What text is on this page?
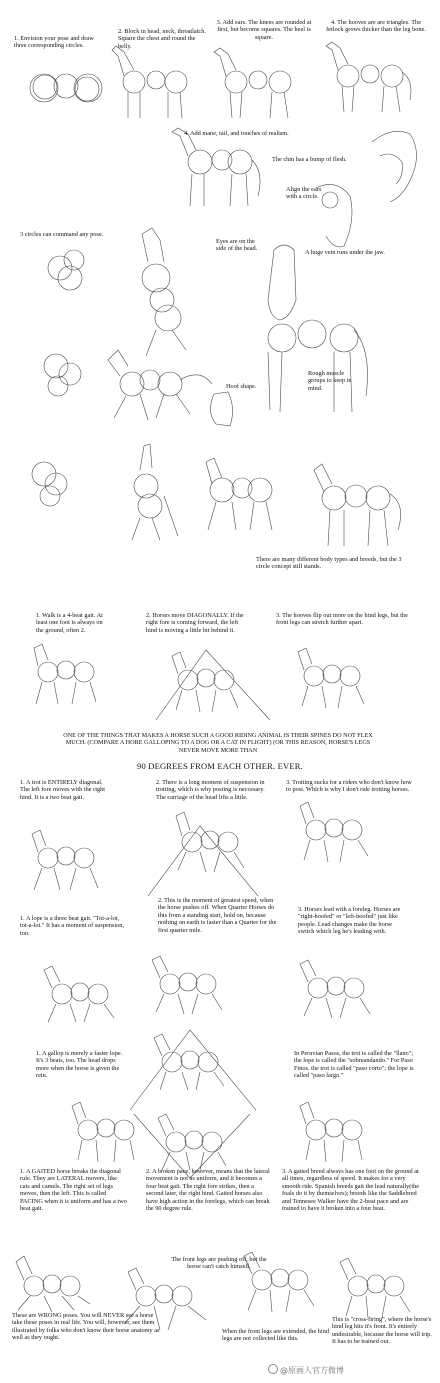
1. Envision your pose and draw three corresponding circles.
2. Block in head, neck, throatlatch. Square the chest and round the belly.
3. Add ears. The knees are rounded at first, but become squares. The heel is square.
4. The hooves are are triangles. The fetlock grows thicker than the leg bone.
4. Add mane, tail, and touches of realism.
The chin has a bump of flesh.
Align the ears with a circle.
3 circles can command any pose.
Eyes are on the side of the head.
A huge vein runs under the jaw.
Hoof shape.
Rough muscle groups to keep in mind.
There are many different body types and breeds, but the 3 circle concept still stands.
1. Walk is a 4-beat gait. At least one foot is always on the ground, often 2.
2. Horses move DIAGONALLY. If the right fore is coming forward, the left hind is moving a little bit behind it.
3. The hooves flip out more on the hind legs, but the front legs can stretch further apart.
ONE OF THE THINGS THAT MAKES A HORSE SUCH A GOOD RIDING ANIMAL IS THEIR SPINES DO NOT FLEX MUCH. (COMPARE A HORE GALLOPING TO A DOG OR A CAT IN FLIGHT) (OR THIS REASON, HORSE'S LEGS NEVER MOVE MORE THAN
90 DEGREES FROM EACH OTHER. EVER.
1. A trot is ENTIRELY diagonal. The left fore moves with the right hind. It is a two beat gait.
2. There is a long moment of suspension in trotting, which is why posting is neccesary. The carriage of the head lifts a little.
3. Trotting sucks for a riders who don't know how to post. Which is why I don't ride trotting horses.
1. A lope is a three beat gait. "Tot-a-lot, tot-a-lot." It has a moment of suspension, too.
2. This is the moment of greatest speed, when the horse pushes off. When Quarter Horses do this from a standing start, hold on, because nothing on earth is faster than a Quarter for the first quarter mile.
3. Horses lead with a foreleg. Horses are "right-hoofed" or "left-hoofed" just like people. Lead changes make the horse switch which leg he's leading with.
1. A gallop is merely a faster lope. It's 3 beats, too. The head drops more when the horse is given the rein.
In Peruvian Pasos, the trot is called the "llano"; the lope is called the "sobreandando." For Paso Finos. the trot is called "paso corto"; the lope is called "paso largo."
1. A GAITED horse breaks the diagonal rule. They are LATERAL movers, like cats and camels. The right set of legs moves, then the left. This is called PACING when it is uniform and has a two beat gait.
2. A broken pace, however, means that the lateral movement is not as uniform, and it becomes a four beat gait. The right fore strikes, then a second later, the right hind. Gaited horses also have high action in the forelegs, which can break the 90 degree rule.
3. A gaited breed always has one foot on the ground at all times, regardless of speed. It makes for a very smooth ride. Spanish breeds gait the lead naturally(the foals do it by themselves); breeds like the Saddlebred and Tennesee Walker have the 2-beat pace and are trained to have it broken into a four beat.
The front legs are pushing off, but the horse can't catch himself.
These are WRONG poses. You will NEVER see a horse take these poses in real life. You will, however, see them illustrated by folks who don't know their horse anatomy as well as they ought.
When the front legs are extended, the hind legs are not collected like this.
This is "cross-firing", where the horse's hind leg hits it's front. It's entirely undesirable, because the horse will trip. It has to be trained out.
@原画人官方微博
